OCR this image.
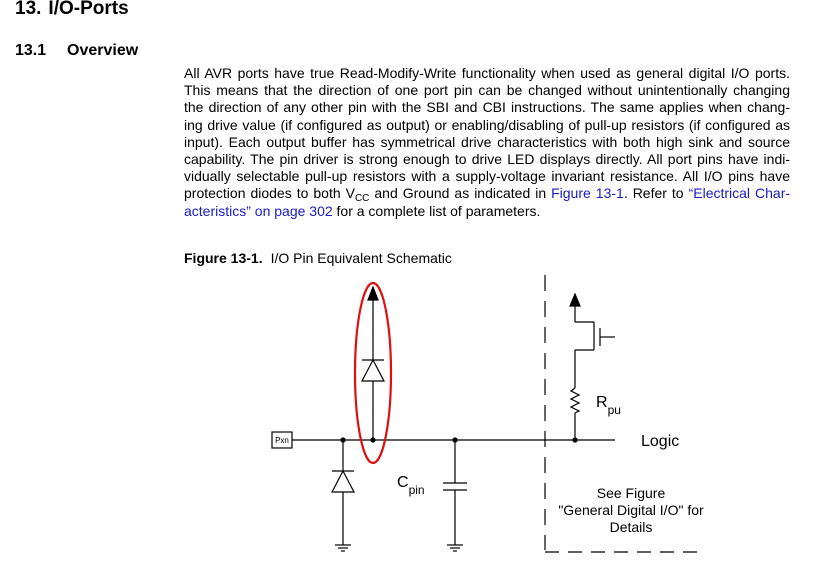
13. I/O-Ports
13.1 Overview

All AVR ports have true Read-Modify-Write functionality when used as general digital I/O ports.
This means that the direction of one port pin can be changed without unintentionally changing
the direction of any other pin with the SBI and CBI instructions. The same applies when chang-
ing drive value (if configured as output) or enabling/disabling of pull-up resistors (if configured as
input). Each output buffer has symmetrical drive characteristics with both high sink and source
capability. The pin driver is strong enough to drive LED displays directly. All port pins have indi-
vidually selectable pull-up resistors with a supply-voltage invariant resistance. All I/O pins have
protection diodes to both $V_{CC}$ and Ground as indicated in Figure 13-1. Refer to “Electrical Char-
acteristics” on page 302 for a complete list of parameters.

Figure 13-1. I/O Pin Equivalent Schematic

Pxn	Logic
$R_{pu}$
$C_{pin}$	See Figure
"General Digital I/O" for
Details
